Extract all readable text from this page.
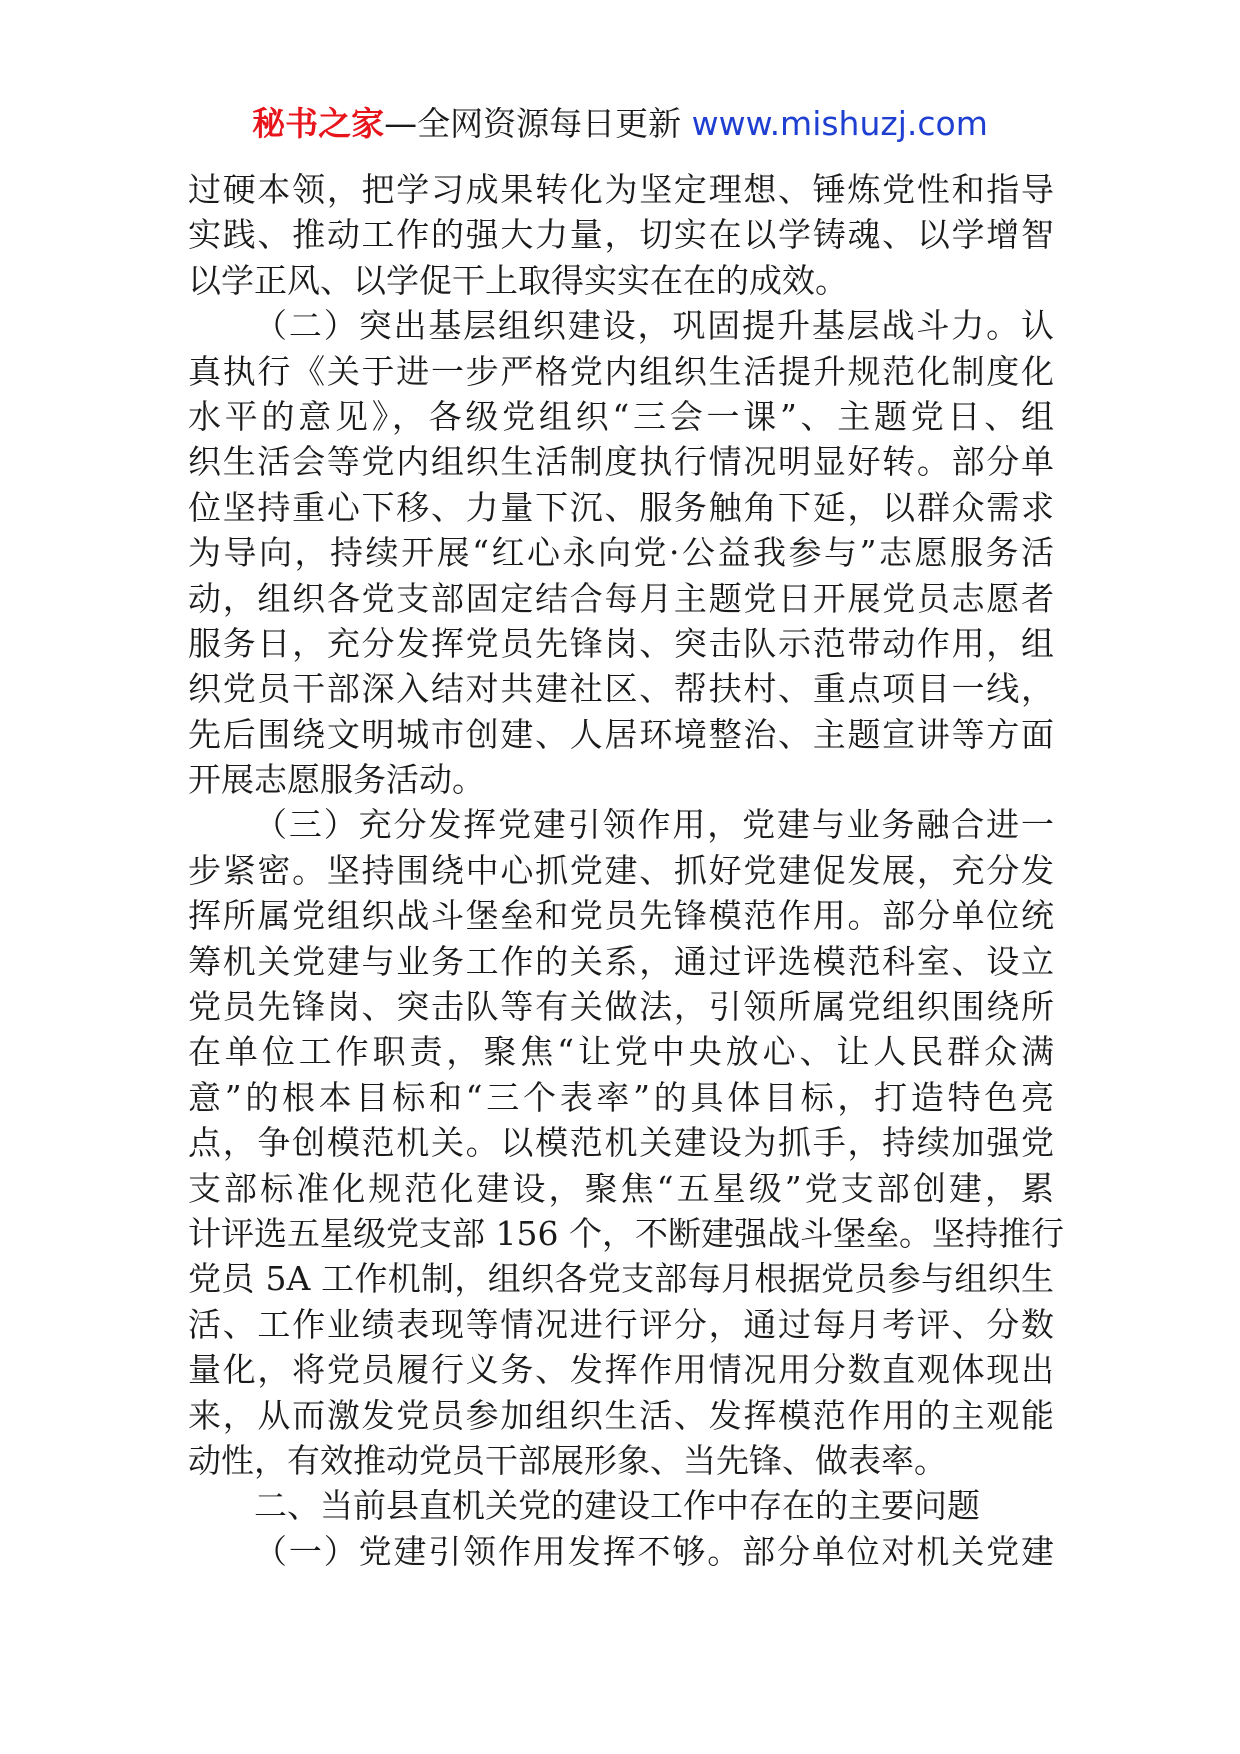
秘书之家—全网资源每日更新 www.mishuzj.com
过硬本领，把学习成果转化为坚定理想、锤炼党性和指导
实践、推动工作的强大力量，切实在以学铸魂、以学增智
以学正风、以学促干上取得实实在在的成效。
（二）突出基层组织建设，巩固提升基层战斗力。认
真执行《关于进一步严格党内组织生活提升规范化制度化
水平的意见》，各级党组织“三会一课”、主题党日、组
织生活会等党内组织生活制度执行情况明显好转。部分单
位坚持重心下移、力量下沉、服务触角下延，以群众需求
为导向，持续开展“红心永向党·公益我参与”志愿服务活
动，组织各党支部固定结合每月主题党日开展党员志愿者
服务日，充分发挥党员先锋岗、突击队示范带动作用，组
织党员干部深入结对共建社区、帮扶村、重点项目一线，
先后围绕文明城市创建、人居环境整治、主题宣讲等方面
开展志愿服务活动。
（三）充分发挥党建引领作用，党建与业务融合进一
步紧密。坚持围绕中心抓党建、抓好党建促发展，充分发
挥所属党组织战斗堡垒和党员先锋模范作用。部分单位统
筹机关党建与业务工作的关系，通过评选模范科室、设立
党员先锋岗、突击队等有关做法，引领所属党组织围绕所
在单位工作职责，聚焦“让党中央放心、让人民群众满
意”的根本目标和“三个表率”的具体目标，打造特色亮
点，争创模范机关。以模范机关建设为抓手，持续加强党
支部标准化规范化建设，聚焦“五星级”党支部创建，累
计评选五星级党支部 156 个，不断建强战斗堡垒。坚持推行
党员 5A 工作机制，组织各党支部每月根据党员参与组织生
活、工作业绩表现等情况进行评分，通过每月考评、分数
量化，将党员履行义务、发挥作用情况用分数直观体现出
来，从而激发党员参加组织生活、发挥模范作用的主观能
动性，有效推动党员干部展形象、当先锋、做表率。
二、当前县直机关党的建设工作中存在的主要问题
（一）党建引领作用发挥不够。部分单位对机关党建
